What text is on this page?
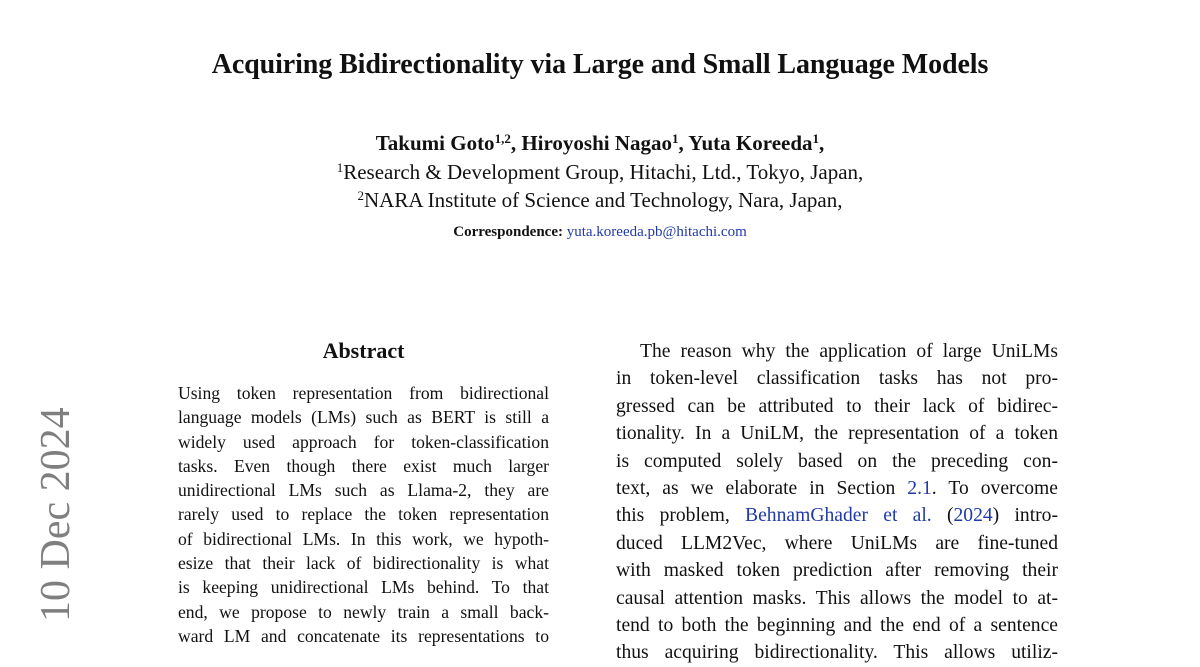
Acquiring Bidirectionality via Large and Small Language Models
Takumi Goto$^{1,2}$, Hiroyoshi Nagao$^1$, Yuta Koreeda$^1$,
$^1$Research & Development Group, Hitachi, Ltd., Tokyo, Japan,
$^2$NARA Institute of Science and Technology, Nara, Japan,
Correspondence: yuta.koreeda.pb@hitachi.com
10 Dec 2024
Abstract
Using token representation from bidirectional
language models (LMs) such as BERT is still a
widely used approach for token-classification
tasks. Even though there exist much larger
unidirectional LMs such as Llama-2, they are
rarely used to replace the token representation
of bidirectional LMs. In this work, we hypoth-
esize that their lack of bidirectionality is what
is keeping unidirectional LMs behind. To that
end, we propose to newly train a small back-
ward LM and concatenate its representations to
The reason why the application of large UniLMs
in token-level classification tasks has not pro-
gressed can be attributed to their lack of bidirec-
tionality. In a UniLM, the representation of a token
is computed solely based on the preceding con-
text, as we elaborate in Section 2.1. To overcome
this problem, BehnamGhader et al. (2024) intro-
duced LLM2Vec, where UniLMs are fine-tuned
with masked token prediction after removing their
causal attention masks. This allows the model to at-
tend to both the beginning and the end of a sentence
thus acquiring bidirectionality. This allows utiliz-
